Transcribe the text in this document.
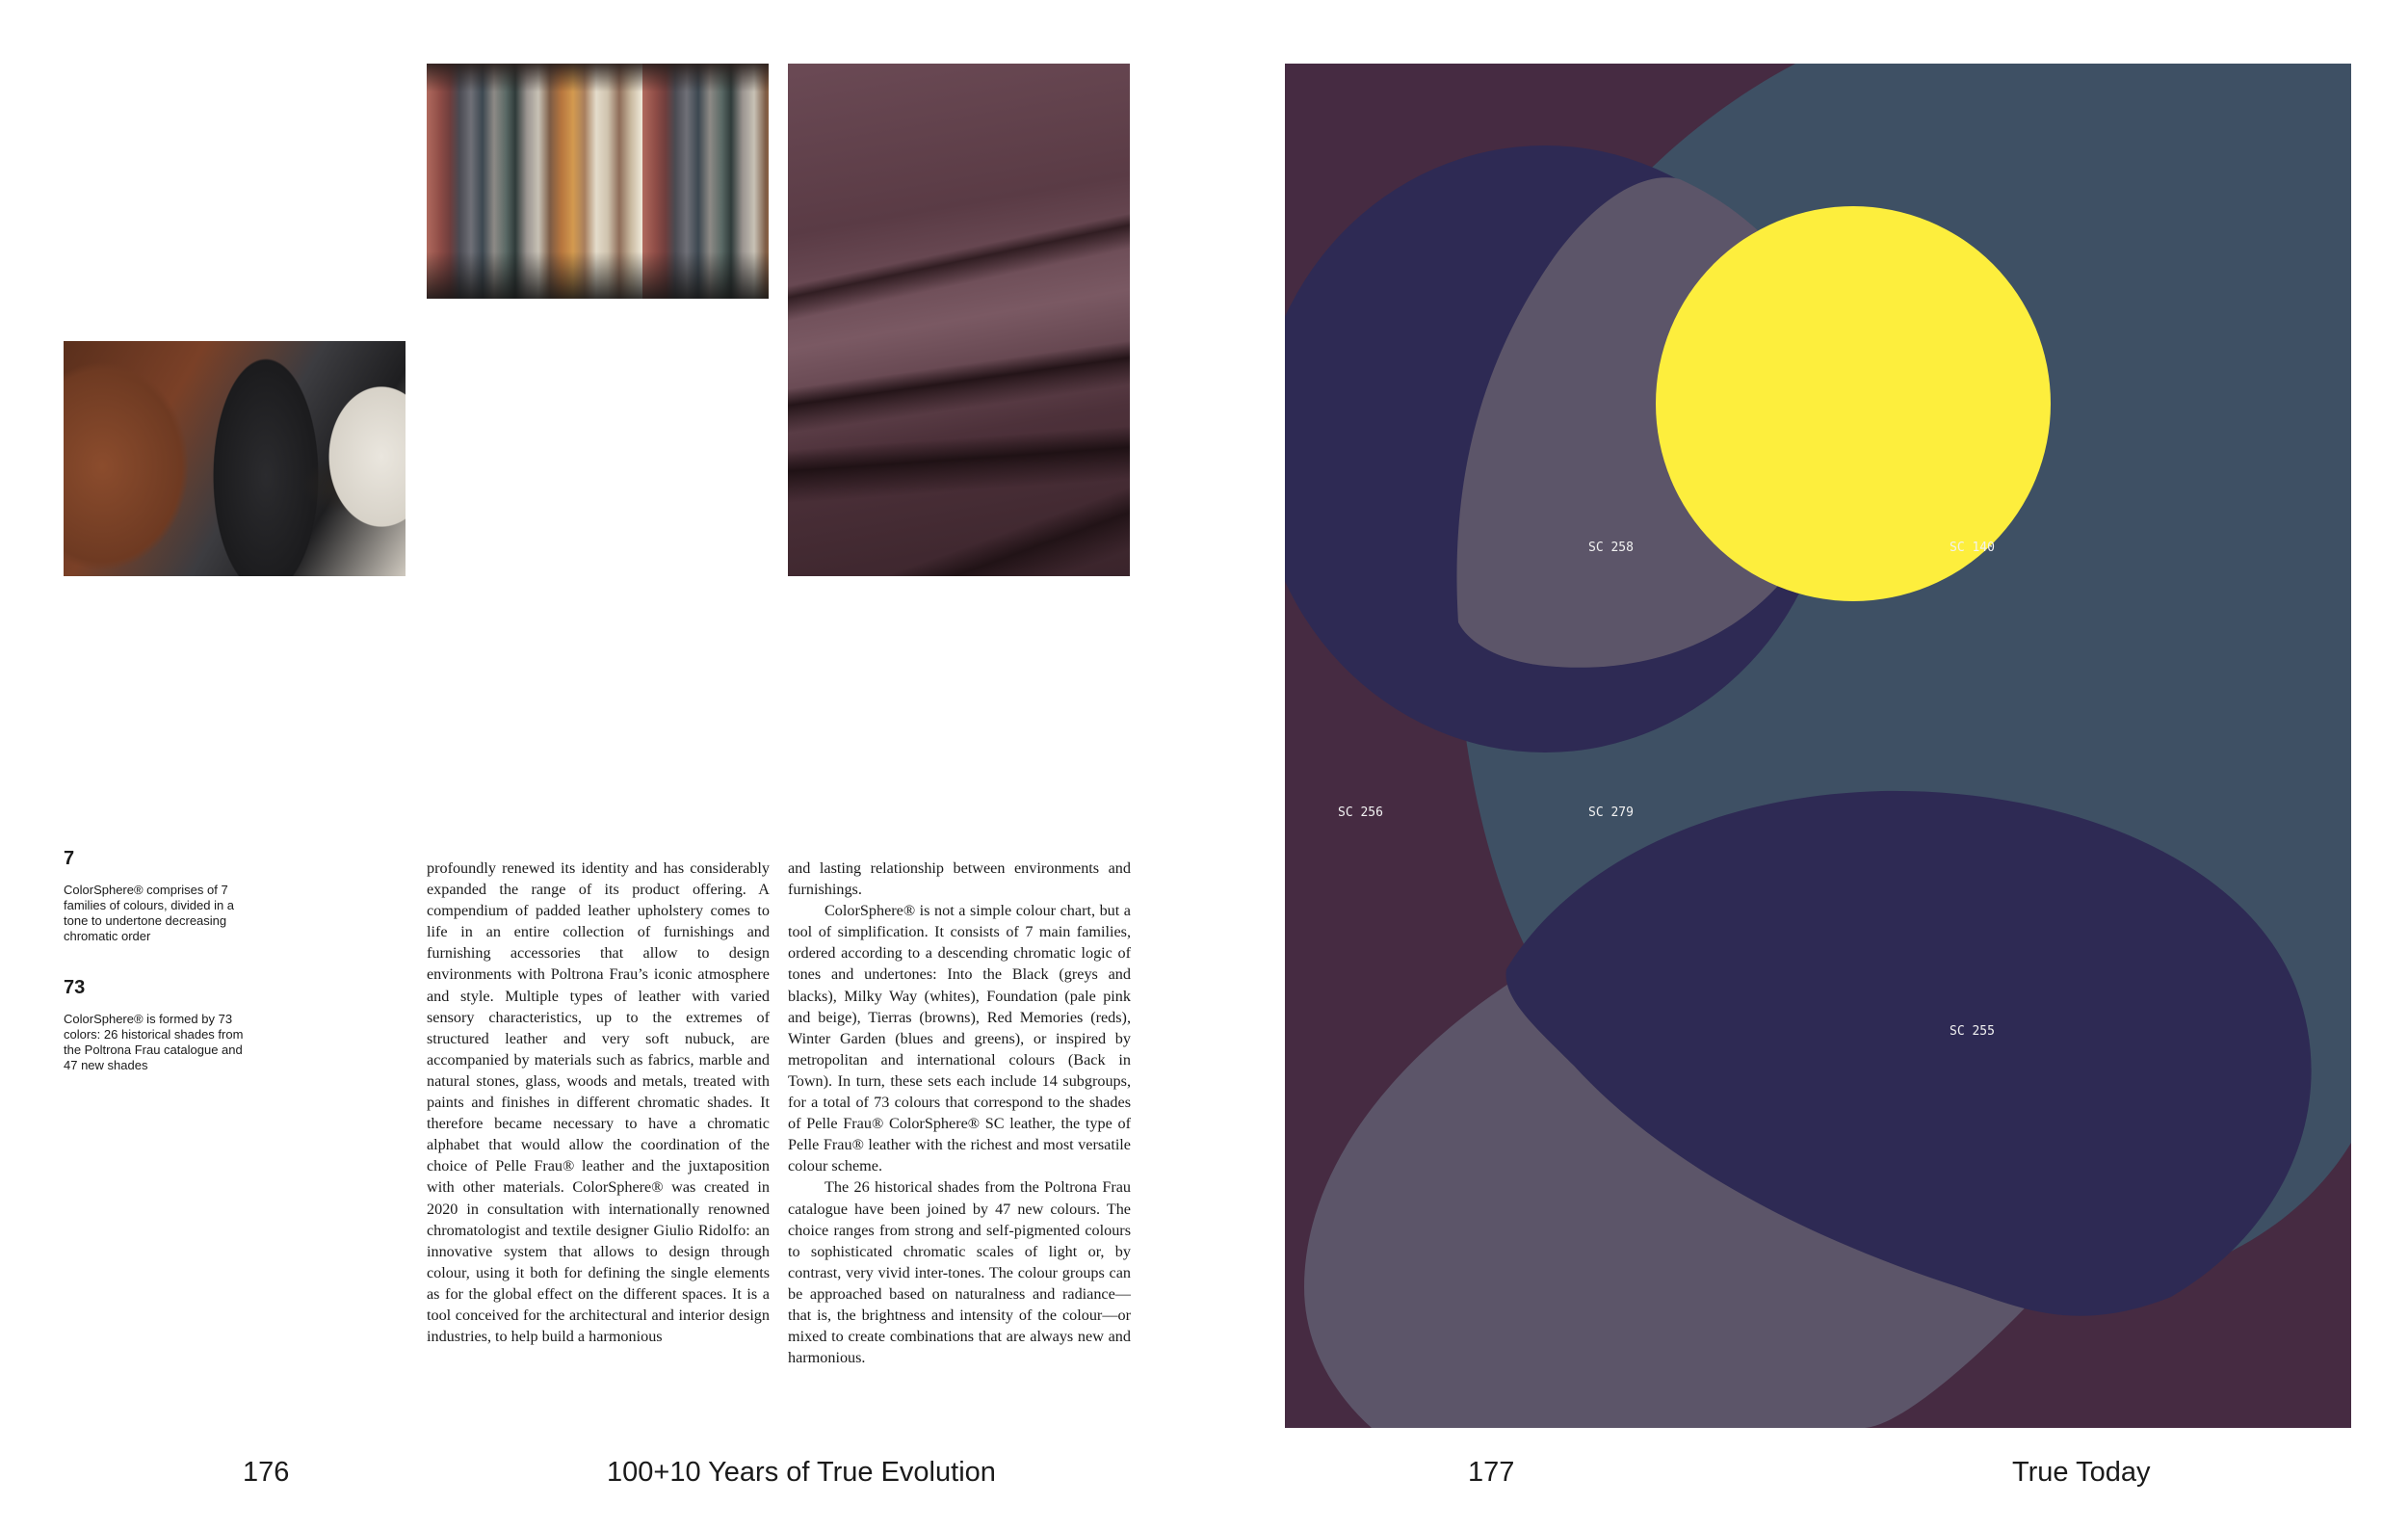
7
ColorSphere® comprises of 7 families of colours, divided in a tone to undertone decreasing chromatic order
73
ColorSphere® is formed by 73 colors: 26 historical shades from the Poltrona Frau catalogue and 47 new shades

profoundly renewed its identity and has considerably expanded the range of its product offering. A compendium of padded leather upholstery comes to life in an entire collection of furnishings and furnishing accessories that allow to design environments with Poltrona Frau’s iconic atmosphere and style. Multiple types of leather with varied sensory characteristics, up to the extremes of structured leather and very soft nubuck, are accompanied by materials such as fabrics, marble and natural stones, glass, woods and metals, treated with paints and finishes in different chromatic shades. It therefore became necessary to have a chromatic alphabet that would allow the coordination of the choice of Pelle Frau® leather and the juxtaposition with other materials. ColorSphere® was created in 2020 in consultation with internationally renowned chromatologist and textile designer Giulio Ridolfo: an innovative system that allows to design through colour, using it both for defining the single elements as for the global effect on the different spaces. It is a tool conceived for the architectural and interior design industries, to help build a harmonious

and lasting relationship between environments and furnishings.

ColorSphere® is not a simple colour chart, but a tool of simplification. It consists of 7 main families, ordered according to a descending chromatic logic of tones and undertones: Into the Black (greys and blacks), Milky Way (whites), Foundation (pale pink and beige), Tierras (browns), Red Memories (reds), Winter Garden (blues and greens), or inspired by metropolitan and international colours (Back in Town). In turn, these sets each include 14 subgroups, for a total of 73 colours that correspond to the shades of Pelle Frau® ColorSphere® SC leather, the type of Pelle Frau® leather with the richest and most versatile colour scheme.

The 26 historical shades from the Poltrona Frau catalogue have been joined by 47 new colours. The choice ranges from strong and self-pigmented colours to sophisticated chromatic scales of light or, by contrast, very vivid inter-tones. The colour groups can be approached based on naturalness and radiance—that is, the brightness and intensity of the colour—or mixed to create combinations that are always new and harmonious.

176	100+10 Years of True Evolution
SC 258	SC 140
SC 256	SC 279
SC 255
177	True Today
